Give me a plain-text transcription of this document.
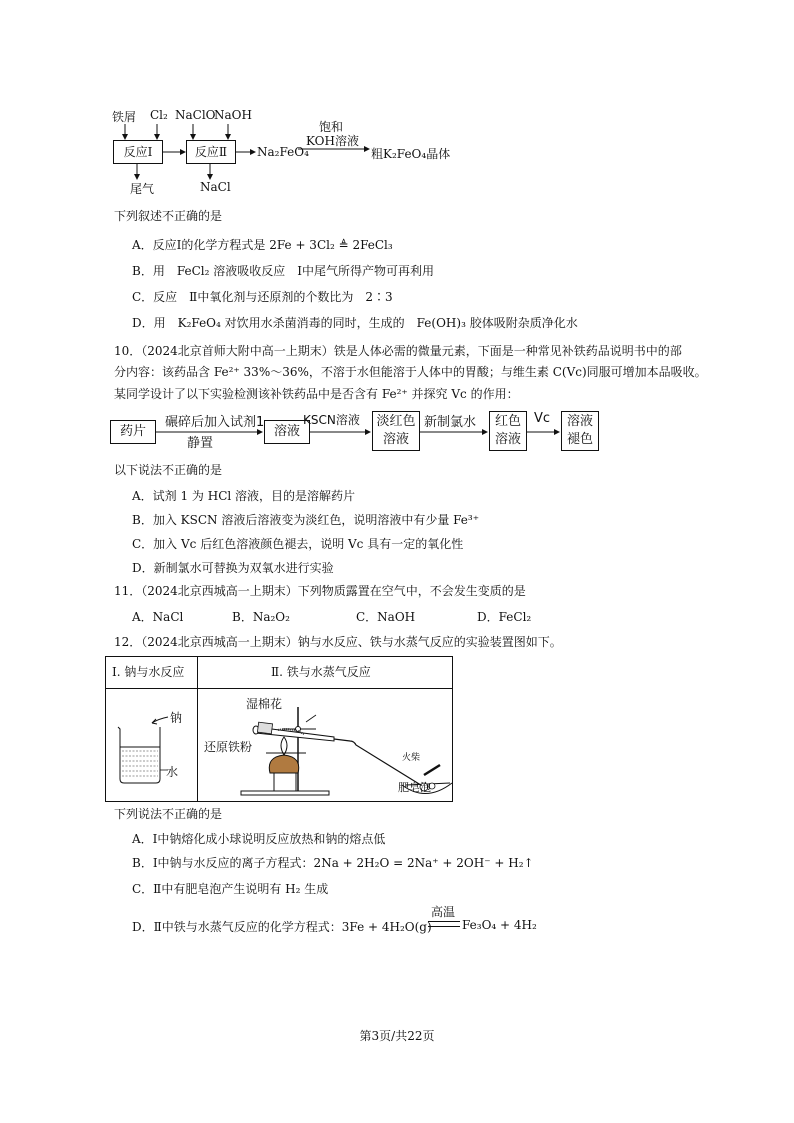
铁屑 Cl₂ NaClO
NaOH
反应Ⅰ	反应Ⅱ	Na₂FeO₄
饱和
KOH溶液
粗K₂FeO₄晶体
尾气	NaCl
下列叙述不正确的是
A．反应Ⅰ的化学方程式是 2Fe + 3Cl₂ ≜ 2FeCl₃
B．用　FeCl₂ 溶液吸收反应　Ⅰ中尾气所得产物可再利用
C．反应　Ⅱ中氧化剂与还原剂的个数比为　2∶3
D．用　K₂FeO₄ 对饮用水杀菌消毒的同时，生成的　Fe(OH)₃ 胶体吸附杂质净化水
10．（2024北京首师大附中高一上期末）铁是人体必需的微量元素，下面是一种常见补铁药品说明书中的部
分内容：该药品含 Fe²⁺ 33%～36%，不溶于水但能溶于人体中的胃酸；与维生素 C(Vc)同服可增加本品吸收。
某同学设计了以下实验检测该补铁药品中是否含有 Fe²⁺ 并探究 Vc 的作用：
药片
碾碎后加入试剂1
静置
溶液
KSCN溶液 淡红色
溶液
新制氯水	红色
溶液
Vc	溶液
褪色
以下说法不正确的是
A．试剂 1 为 HCl 溶液，目的是溶解药片
B．加入 KSCN 溶液后溶液变为淡红色，说明溶液中有少量 Fe³⁺
C．加入 Vc 后红色溶液颜色褪去，说明 Vc 具有一定的氧化性
D．新制氯水可替换为双氧水进行实验
11．（2024北京西城高一上期末）下列物质露置在空气中，不会发生变质的是
A．NaCl	B．Na₂O₂	C．NaOH	D．FeCl₂
12．（2024北京西城高一上期末）钠与水反应、铁与水蒸气反应的实验装置图如下。
Ⅰ. 钠与水反应	Ⅱ. 铁与水蒸气反应
钠
水
湿棉花
还原铁粉
火柴
肥皂泡
下列说法不正确的是
A．Ⅰ中钠熔化成小球说明反应放热和钠的熔点低
B．Ⅰ中钠与水反应的离子方程式：2Na + 2H₂O = 2Na⁺ + 2OH⁻ + H₂↑
C．Ⅱ中有肥皂泡产生说明有 H₂ 生成
D．Ⅱ中铁与水蒸气反应的化学方程式：3Fe + 4H₂O(g)
高温
Fe₃O₄ + 4H₂
第3页/共22页
